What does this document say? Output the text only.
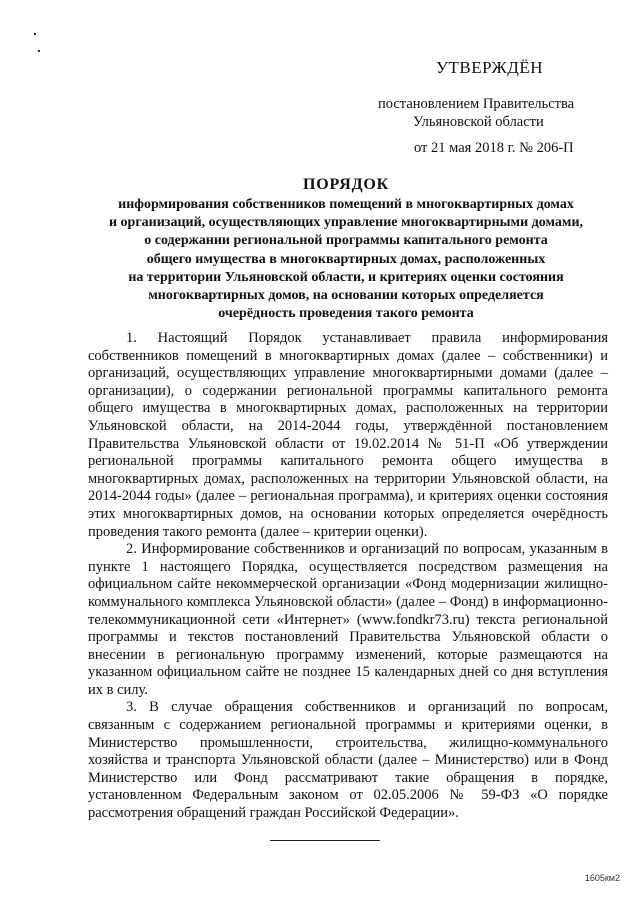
УТВЕРЖДЁН
постановлением Правительства
Ульяновской области
от 21 мая 2018 г. № 206-П
ПОРЯДОК
информирования собственников помещений в многоквартирных домах
и организаций, осуществляющих управление многоквартирными домами,
о содержании региональной программы капитального ремонта
общего имущества в многоквартирных домах, расположенных
на территории Ульяновской области, и критериях оценки состояния
многоквартирных домов, на основании которых определяется
очерёдность проведения такого ремонта

1. Настоящий Порядок устанавливает правила информирования собственников помещений в многоквартирных домах (далее – собственники) и организаций, осуществляющих управление многоквартирными домами (далее – организации), о содержании региональной программы капитального ремонта общего имущества в многоквартирных домах, расположенных на территории Ульяновской области, на 2014-2044 годы, утверждённой постановлением Правительства Ульяновской области от 19.02.2014 № 51-П «Об утверждении региональной программы капитального ремонта общего имущества в многоквартирных домах, расположенных на территории Ульяновской области, на 2014-2044 годы» (далее – региональная программа), и критериях оценки состояния этих многоквартирных домов, на основании которых определяется очерёдность проведения такого ремонта (далее – критерии оценки).

2. Информирование собственников и организаций по вопросам, указанным в пункте 1 настоящего Порядка, осуществляется посредством размещения на официальном сайте некоммерческой организации «Фонд модернизации жилищно-коммунального комплекса Ульяновской области» (далее – Фонд) в информационно-телекоммуникационной сети «Интернет» (www.fondkr73.ru) текста региональной программы и текстов постановлений Правительства Ульяновской области о внесении в региональную программу изменений, которые размещаются на указанном официальном сайте не позднее 15 календарных дней со дня вступления их в силу.

3. В случае обращения собственников и организаций по вопросам, связанным с содержанием региональной программы и критериями оценки, в Министерство промышленности, строительства, жилищно-коммунального хозяйства и транспорта Ульяновской области (далее – Министерство) или в Фонд Министерство или Фонд рассматривают такие обращения в порядке, установленном Федеральным законом от 02.05.2006 № 59-ФЗ «О порядке рассмотрения обращений граждан Российской Федерации».

1605км2
